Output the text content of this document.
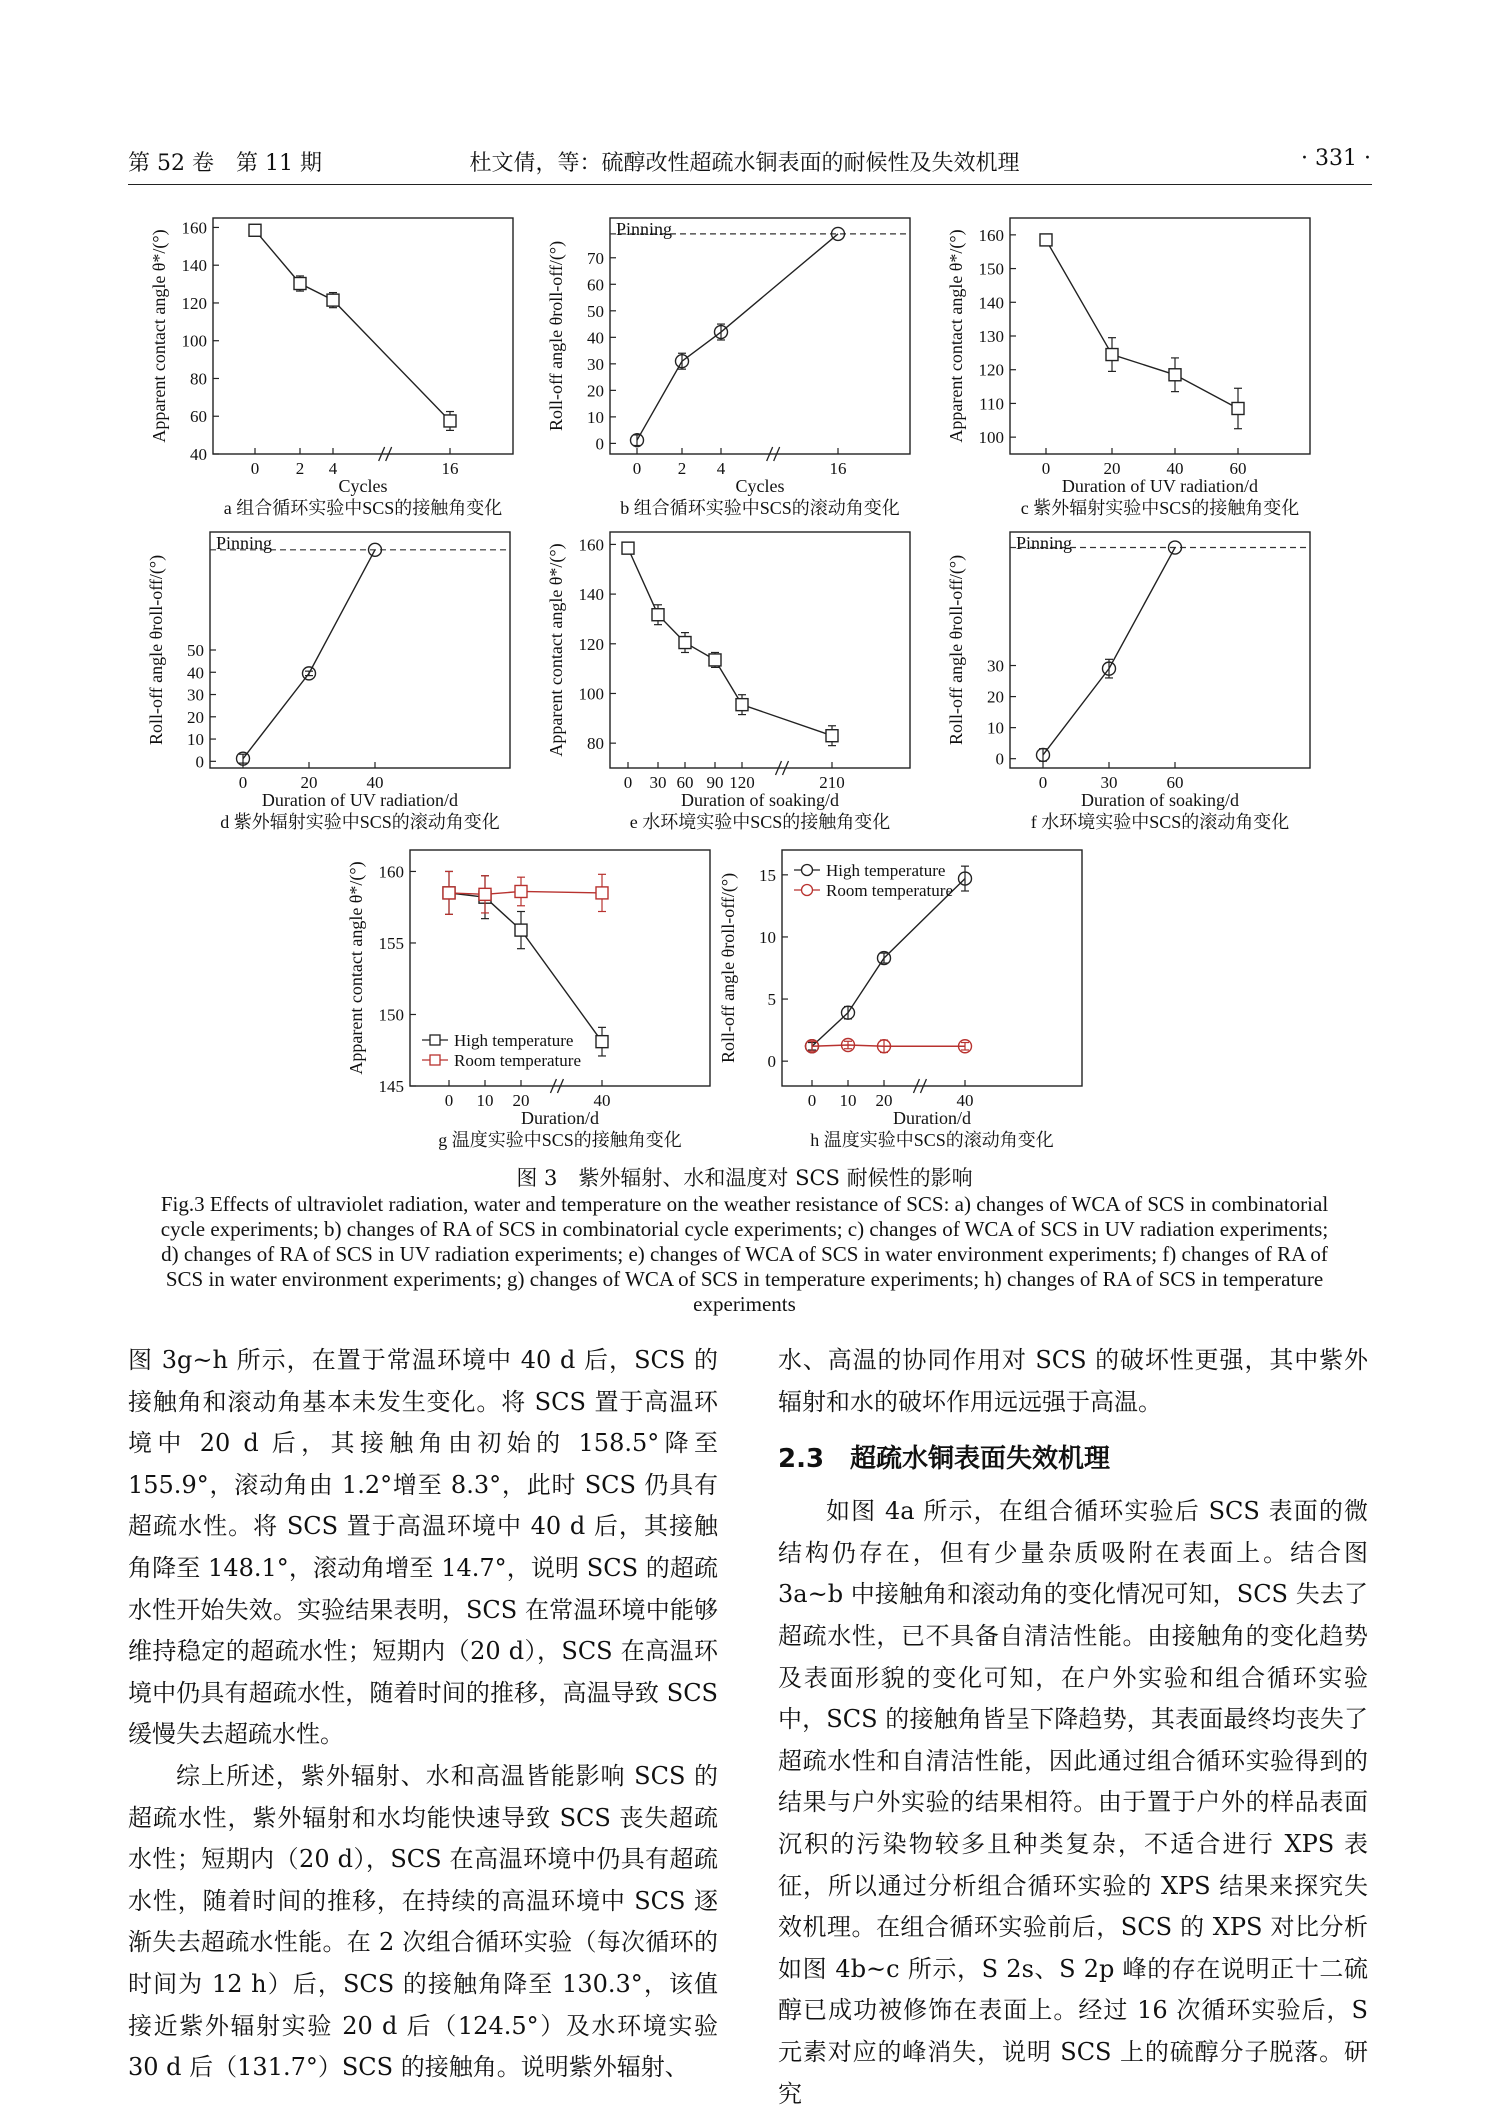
第 52 卷　第 11 期	杜文倩，等：硫醇改性超疏水铜表面的耐候性及失效机理	· 331 ·
40
60
80
100
120
140
160
0 2 4	16
Cycles
Apparent contact angle θ*/(°)
a 组合循环实验中SCS的接触角变化
0
10
20
30
40
50
60
70
0 2 4	16
Pinning
Cycles
Roll-off angle θroll-off/(°)
b 组合循环实验中SCS的滚动角变化
100
110
120
130
140
150
160
0	20	40	60
Duration of UV radiation/d
Apparent contact angle θ*/(°)
c 紫外辐射实验中SCS的接触角变化
0
10
20
30
40
50
0	20	40
Pinning
Duration of UV radiation/d
Roll-off angle θroll-off/(°)
d 紫外辐射实验中SCS的滚动角变化
80
100
120
140
160
0 30 60 90 120	210
Duration of soaking/d
Apparent contact angle θ*/(°)
e 水环境实验中SCS的接触角变化
0
10
20
30
0	30	60
Pinning
Duration of soaking/d
Roll-off angle θroll-off/(°)
f 水环境实验中SCS的滚动角变化
145
150
155
160
0 10 20	40
Duration/d
Apparent contact angle θ*/(°)
g 温度实验中SCS的接触角变化
High temperature
Room temperature	0
5
10
15
0 10 20	40
Duration/d
Roll-off angle θroll-off/(°)
h 温度实验中SCS的滚动角变化
High temperature
Room temperature
图 3　紫外辐射、水和温度对 SCS 耐候性的影响
Fig.3 Effects of ultraviolet radiation, water and temperature on the weather resistance of SCS: a) changes of WCA of SCS in combinatorial cycle experiments; b) changes of RA of SCS in combinatorial cycle experiments; c) changes of WCA of SCS in UV radiation experiments; d) changes of RA of SCS in UV radiation experiments; e) changes of WCA of SCS in water environment experiments; f) changes of RA of SCS in water environment experiments; g) changes of WCA of SCS in temperature experiments; h) changes of RA of SCS in temperature experiments

图 3g~h 所示，在置于常温环境中 40 d 后，SCS 的接触角和滚动角基本未发生变化。将 SCS 置于高温环境中 20 d 后，其接触角由初始的 158.5°降至 155.9°，滚动角由 1.2°增至 8.3°，此时 SCS 仍具有超疏水性。将 SCS 置于高温环境中 40 d 后，其接触角降至 148.1°，滚动角增至 14.7°，说明 SCS 的超疏水性开始失效。实验结果表明，SCS 在常温环境中能够维持稳定的超疏水性；短期内（20 d），SCS 在高温环境中仍具有超疏水性，随着时间的推移，高温导致 SCS 缓慢失去超疏水性。

综上所述，紫外辐射、水和高温皆能影响 SCS 的超疏水性，紫外辐射和水均能快速导致 SCS 丧失超疏水性；短期内（20 d），SCS 在高温环境中仍具有超疏水性，随着时间的推移，在持续的高温环境中 SCS 逐渐失去超疏水性能。在 2 次组合循环实验（每次循环的时间为 12 h）后，SCS 的接触角降至 130.3°，该值接近紫外辐射实验 20 d 后（124.5°）及水环境实验 30 d 后（131.7°）SCS 的接触角。说明紫外辐射、

水、高温的协同作用对 SCS 的破坏性更强，其中紫外辐射和水的破坏作用远远强于高温。

2.3　超疏水铜表面失效机理

如图 4a 所示，在组合循环实验后 SCS 表面的微结构仍存在，但有少量杂质吸附在表面上。结合图 3a~b 中接触角和滚动角的变化情况可知，SCS 失去了超疏水性，已不具备自清洁性能。由接触角的变化趋势及表面形貌的变化可知，在户外实验和组合循环实验中，SCS 的接触角皆呈下降趋势，其表面最终均丧失了超疏水性和自清洁性能，因此通过组合循环实验得到的结果与户外实验的结果相符。由于置于户外的样品表面沉积的污染物较多且种类复杂，不适合进行 XPS 表征，所以通过分析组合循环实验的 XPS 结果来探究失效机理。在组合循环实验前后，SCS 的 XPS 对比分析如图 4b~c 所示，S 2s、S 2p 峰的存在说明正十二硫醇已成功被修饰在表面上。经过 16 次循环实验后，S 元素对应的峰消失，说明 SCS 上的硫醇分子脱落。研究
